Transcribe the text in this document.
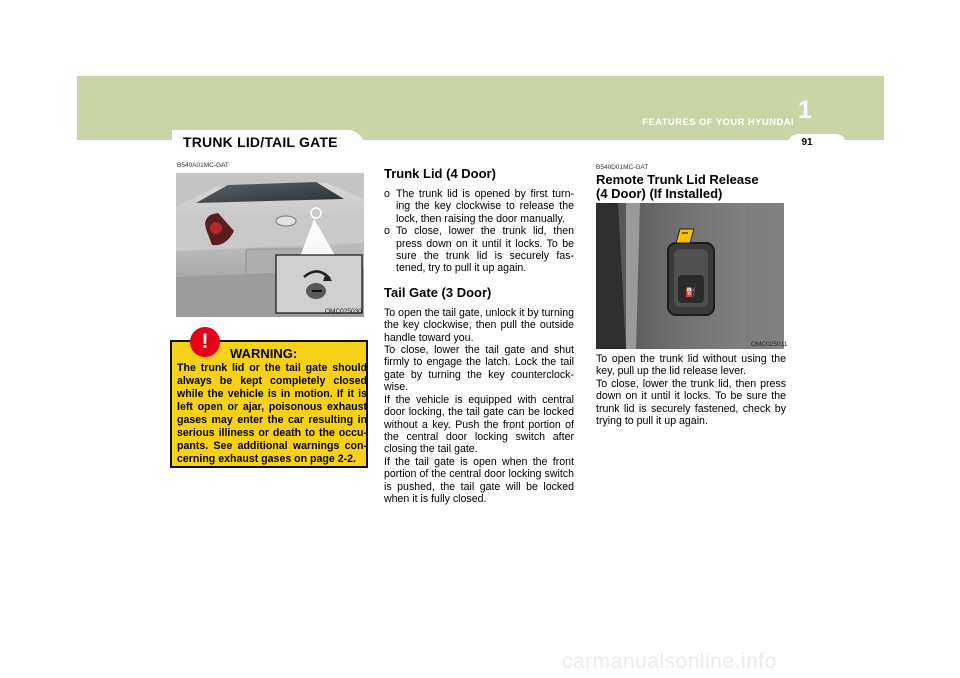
FEATURES OF YOUR HYUNDAI 1
91
TRUNK LID/TAIL GATE
B540A01MC-GAT
OMC025030
!
WARNING:
The trunk lid or the tail gate should always be kept completely closed while the vehicle is in motion. If it is left open or ajar, poisonous exhaust gases may enter the car resulting in serious illiness or death to the occu-pants. See additional warnings con-cerning exhaust gases on page 2-2.
Trunk Lid (4 Door)

o The trunk lid is opened by first turn-ing the key clockwise to release the lock, then raising the door manually.

o To close, lower the trunk lid, then press down on it until it locks. To be sure the trunk lid is securely fas-tened, try to pull it up again.

Tail Gate (3 Door)

To open the tail gate, unlock it by turning the key clockwise, then pull the outside handle toward you.

To close, lower the tail gate and shut firmly to engage the latch. Lock the tail gate by turning the key counterclock-wise.

If the vehicle is equipped with central door locking, the tail gate can be locked without a key. Push the front portion of the central door locking switch after closing the tail gate.

If the tail gate is open when the front portion of the central door locking switch is pushed, the tail gate will be locked when it is fully closed.

B540D01MC-GAT
Remote Trunk Lid Release
(4 Door) (If Installed)
⛽
OMC025011

To open the trunk lid without using the key, pull up the lid release lever.

To close, lower the trunk lid, then press down on it until it locks. To be sure the trunk lid is securely fastened, check by trying to pull it up again.

carmanualsonline.info
